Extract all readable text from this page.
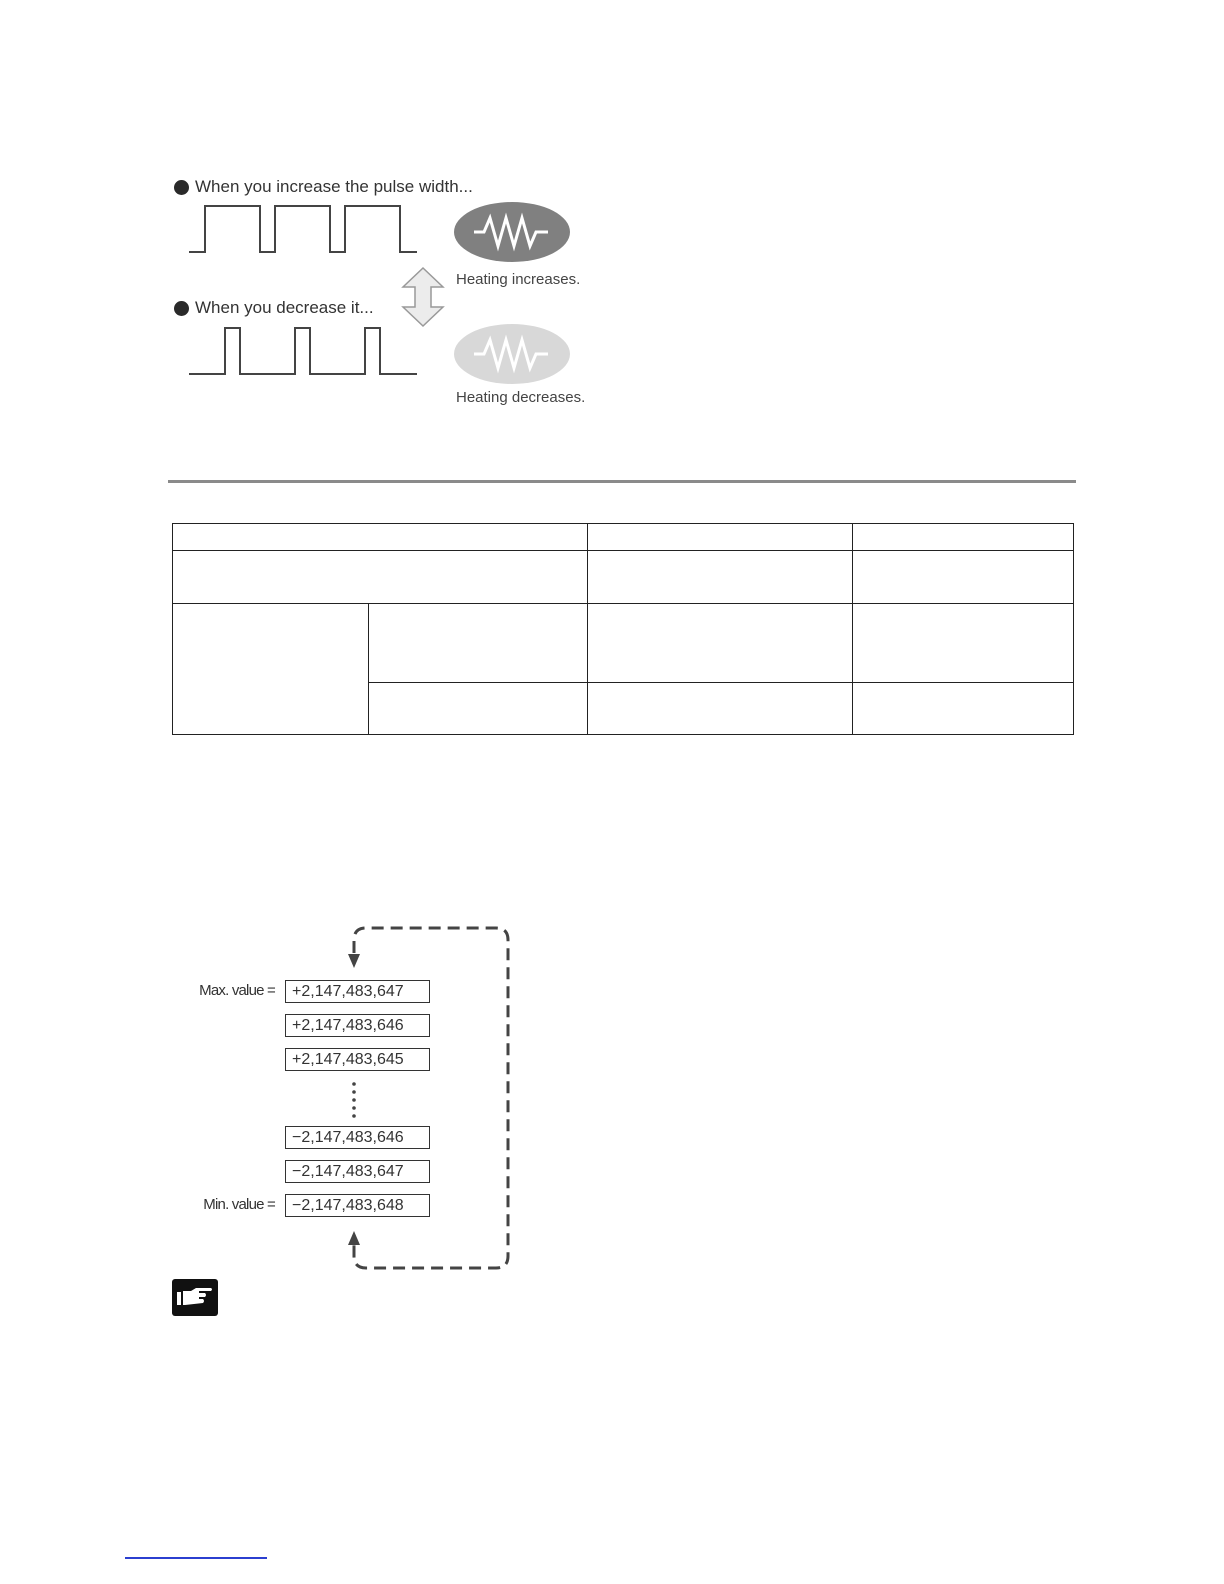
When you increase the pulse width...
Heating increases.
When you decrease it...
Heating decreases.

Max. value =	+2,147,483,647
+2,147,483,646
+2,147,483,645
−2,147,483,646
−2,147,483,647
Min. value =	−2,147,483,648
